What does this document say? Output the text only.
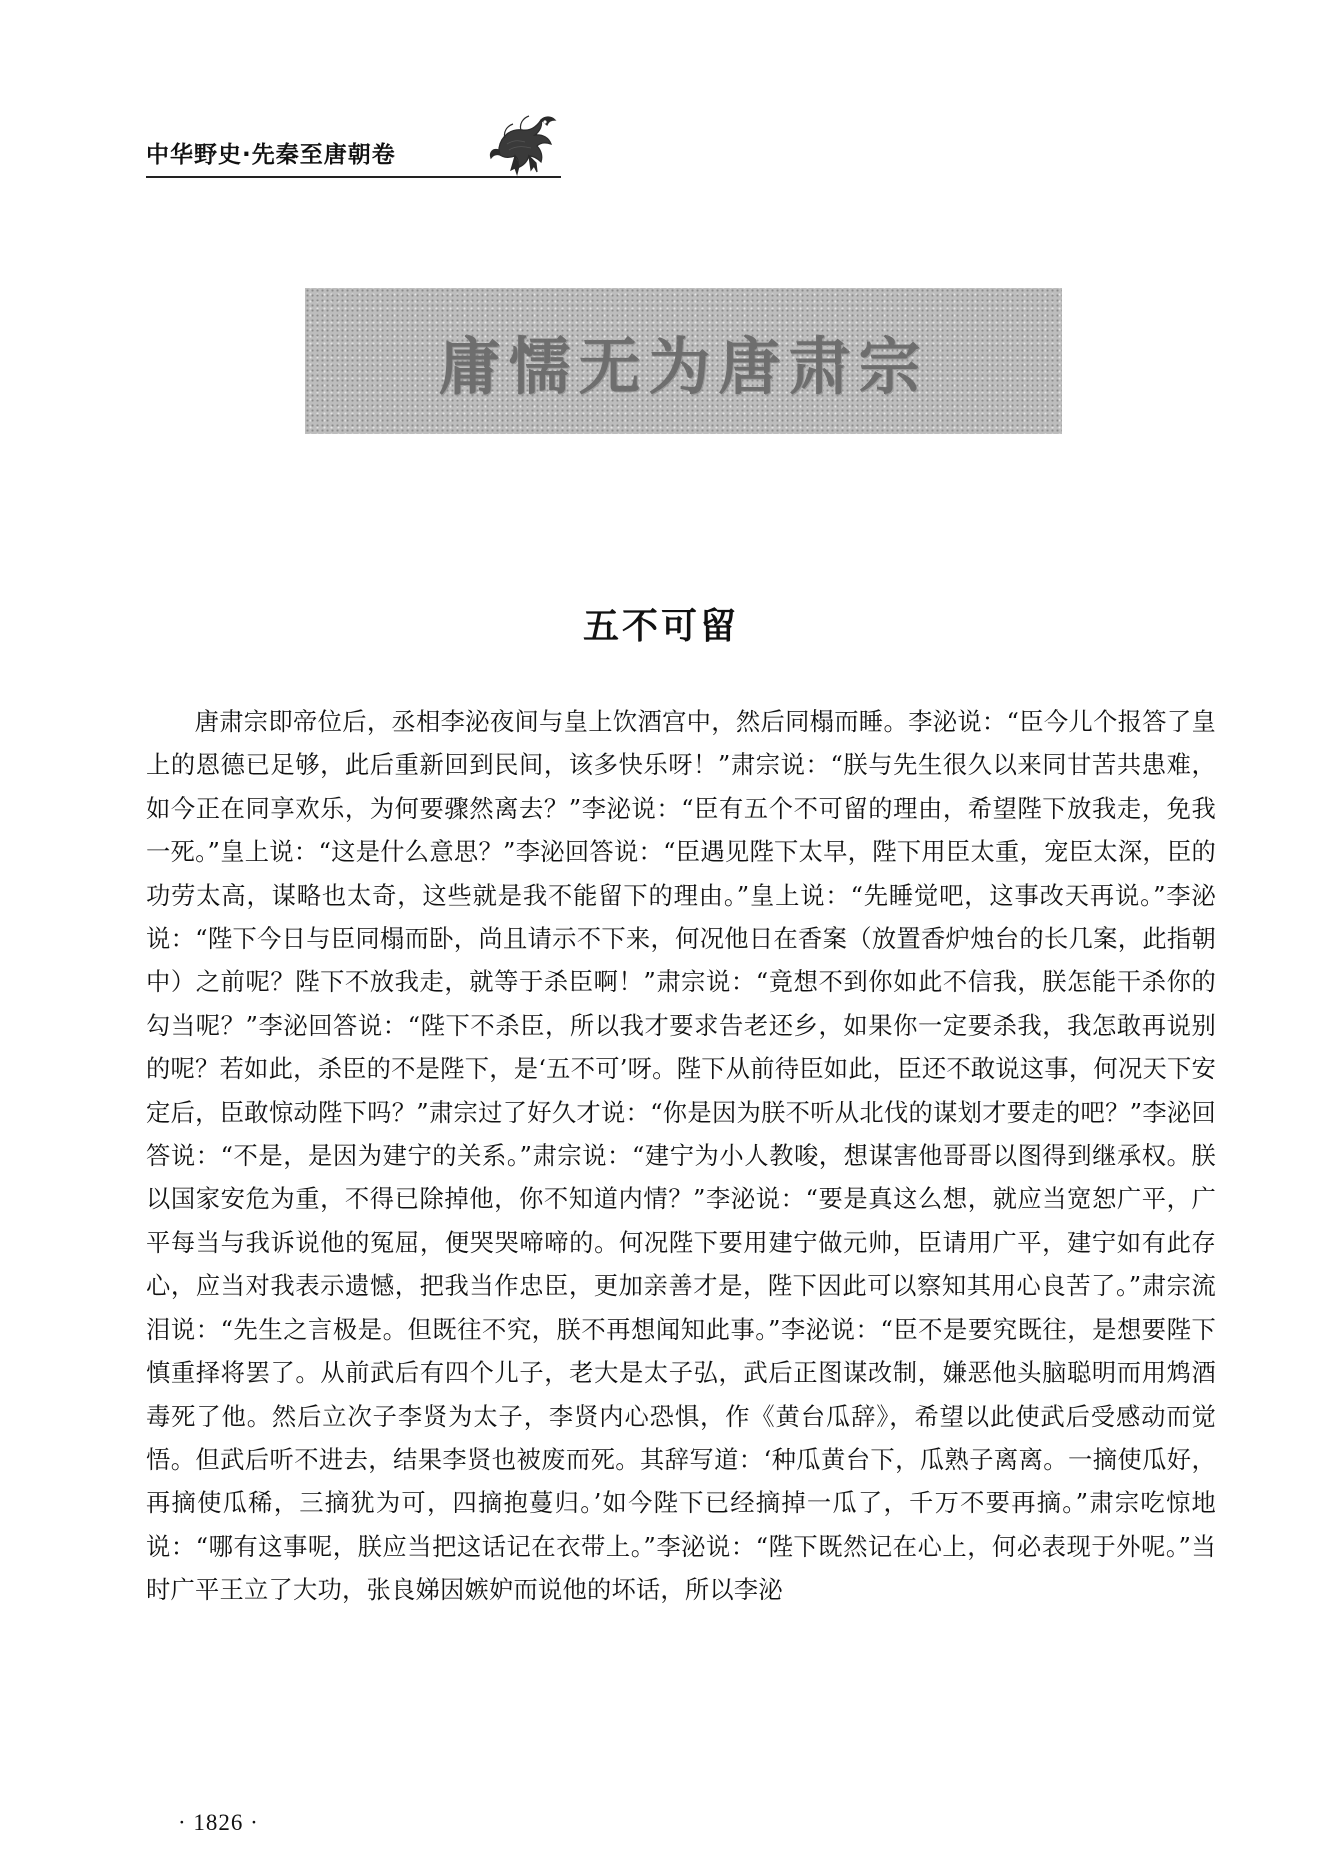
中华野史·先秦至唐朝卷
庸懦无为唐肃宗
五不可留

唐肃宗即帝位后，丞相李泌夜间与皇上饮酒宫中，然后同榻而睡。李泌说：“臣今儿个报答了皇上的恩德已足够，此后重新回到民间，该多快乐呀！”肃宗说：“朕与先生很久以来同甘苦共患难，如今正在同享欢乐，为何要骤然离去？”李泌说：“臣有五个不可留的理由，希望陛下放我走，免我一死。”皇上说：“这是什么意思？”李泌回答说：“臣遇见陛下太早，陛下用臣太重，宠臣太深，臣的功劳太高，谋略也太奇，这些就是我不能留下的理由。”皇上说：“先睡觉吧，这事改天再说。”李泌说：“陛下今日与臣同榻而卧，尚且请示不下来，何况他日在香案（放置香炉烛台的长几案，此指朝中）之前呢？陛下不放我走，就等于杀臣啊！”肃宗说：“竟想不到你如此不信我，朕怎能干杀你的勾当呢？”李泌回答说：“陛下不杀臣，所以我才要求告老还乡，如果你一定要杀我，我怎敢再说别的呢？若如此，杀臣的不是陛下，是‘五不可’呀。陛下从前待臣如此，臣还不敢说这事，何况天下安定后，臣敢惊动陛下吗？”肃宗过了好久才说：“你是因为朕不听从北伐的谋划才要走的吧？”李泌回答说：“不是，是因为建宁的关系。”肃宗说：“建宁为小人教唆，想谋害他哥哥以图得到继承权。朕以国家安危为重，不得已除掉他，你不知道内情？”李泌说：“要是真这么想，就应当宽恕广平，广平每当与我诉说他的冤屈，便哭哭啼啼的。何况陛下要用建宁做元帅，臣请用广平，建宁如有此存心，应当对我表示遗憾，把我当作忠臣，更加亲善才是，陛下因此可以察知其用心良苦了。”肃宗流泪说：“先生之言极是。但既往不究，朕不再想闻知此事。”李泌说：“臣不是要究既往，是想要陛下慎重择将罢了。从前武后有四个儿子，老大是太子弘，武后正图谋改制，嫌恶他头脑聪明而用鸩酒毒死了他。然后立次子李贤为太子，李贤内心恐惧，作《黄台瓜辞》，希望以此使武后受感动而觉悟。但武后听不进去，结果李贤也被废而死。其辞写道：‘种瓜黄台下，瓜熟子离离。一摘使瓜好，再摘使瓜稀，三摘犹为可，四摘抱蔓归。’如今陛下已经摘掉一瓜了，千万不要再摘。”肃宗吃惊地说：“哪有这事呢，朕应当把这话记在衣带上。”李泌说：“陛下既然记在心上，何必表现于外呢。”当时广平王立了大功，张良娣因嫉妒而说他的坏话，所以李泌

· 1826 ·
